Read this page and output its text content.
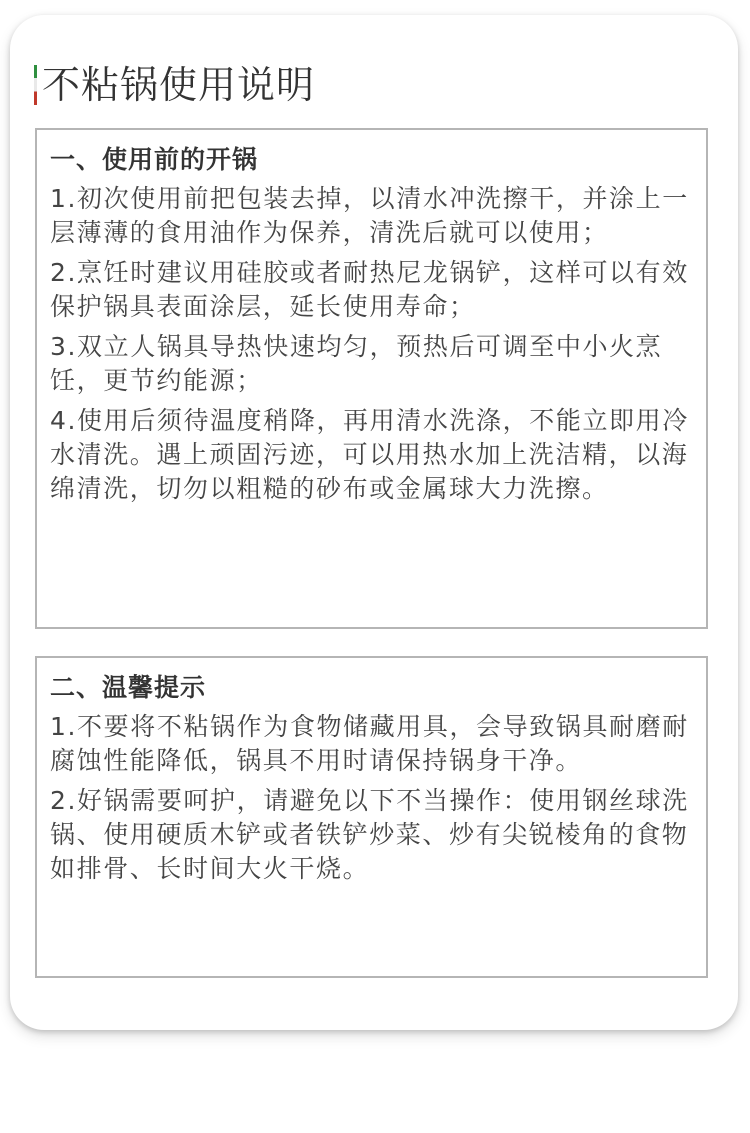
不粘锅使用说明
一、使用前的开锅

1.初次使用前把包装去掉，以清水冲洗擦干，并涂上一层薄薄的食用油作为保养，清洗后就可以使用；

2.烹饪时建议用硅胶或者耐热尼龙锅铲，这样可以有效保护锅具表面涂层，延长使用寿命；

3.双立人锅具导热快速均匀，预热后可调至中小火烹饪，更节约能源；

4.使用后须待温度稍降，再用清水洗涤，不能立即用冷水清洗。遇上顽固污迹，可以用热水加上洗洁精，以海绵清洗，切勿以粗糙的砂布或金属球大力洗擦。

二、温馨提示

1.不要将不粘锅作为食物储藏用具，会导致锅具耐磨耐腐蚀性能降低，锅具不用时请保持锅身干净。

2.好锅需要呵护，请避免以下不当操作：使用钢丝球洗锅、使用硬质木铲或者铁铲炒菜、炒有尖锐棱角的食物如排骨、长时间大火干烧。
